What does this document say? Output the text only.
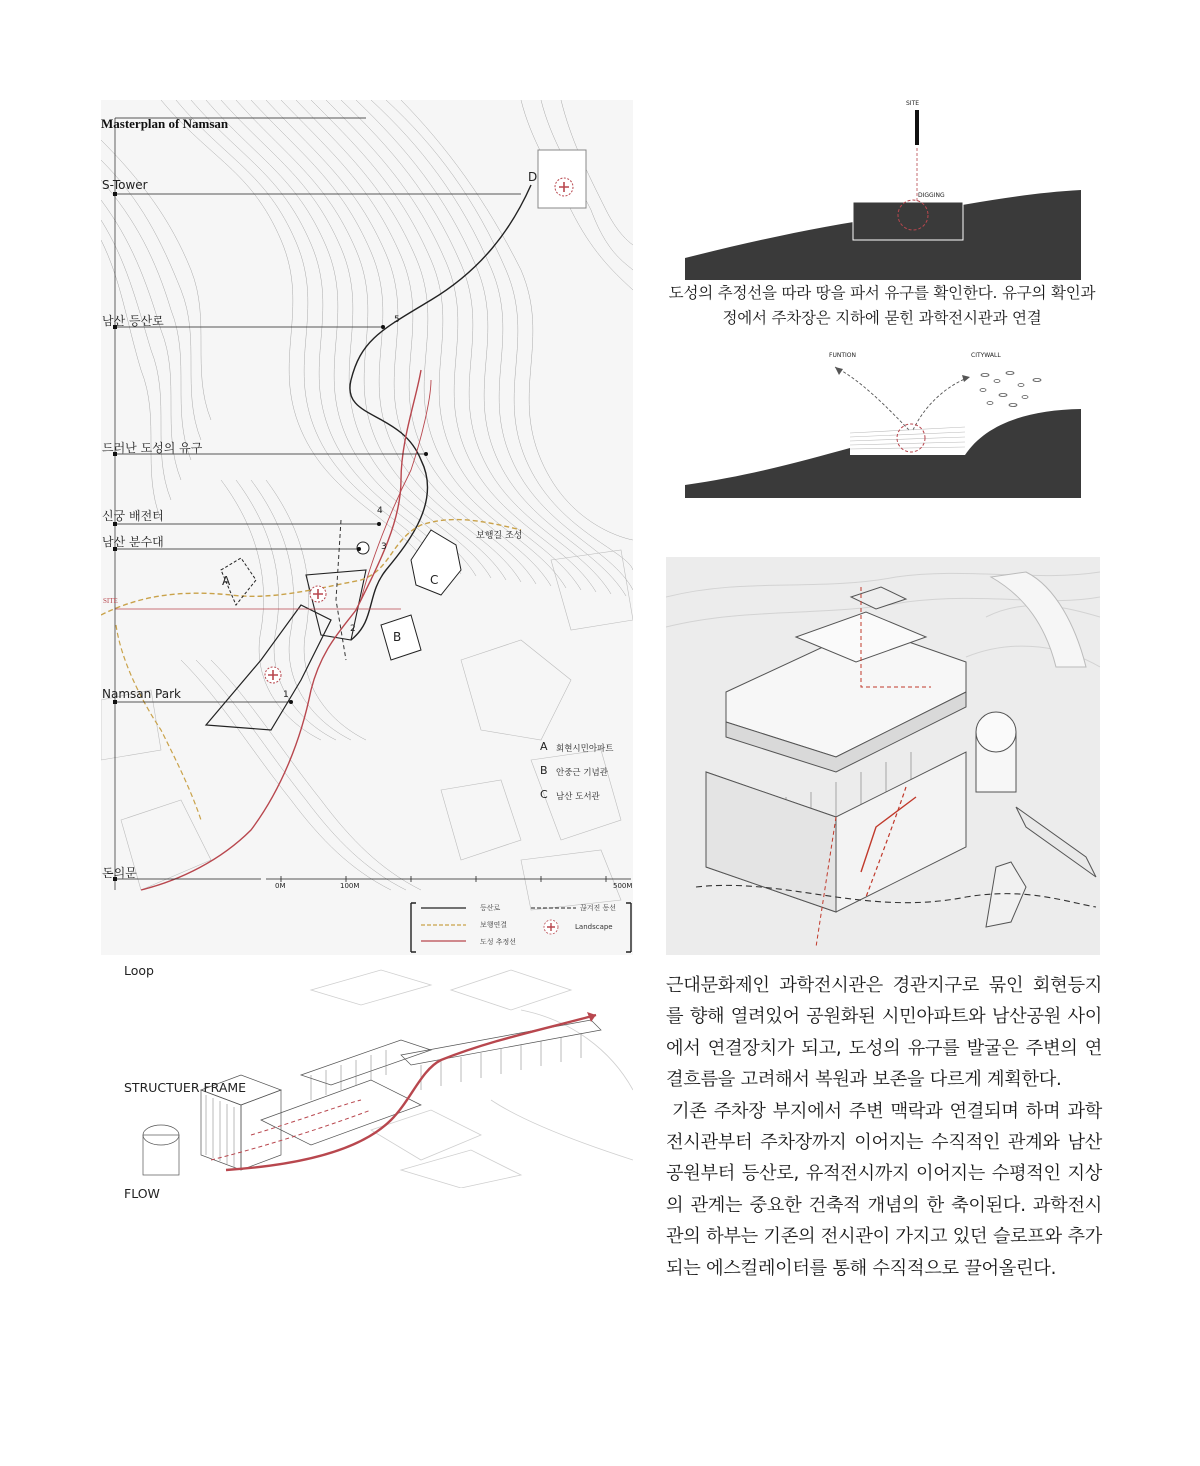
Masterplan of Namsan
S-Tower
남산 등산로
드러난 도성의 유구
신궁 배전터
남산 분수대
SITE
Namsan Park
돈의문
A
B
C
D
1
2
3
4
5
보행길 조성
A 회현시민아파트
B 안중근 기념관
C 남산 도서관
0M	100M	500M
등산로
보행연결
도성 추정선
끊겨진 동선
Landscape
SITE
DIGGING
도성의 추정선을 따라 땅을 파서 유구를 확인한다. 유구의 확인과정에서 주차장은 지하에 묻힌 과학전시관과 연결
FUNTION	CITYWALL
Loop
STRUCTUER FRAME
FLOW

근대문화제인 과학전시관은 경관지구로 묶인 회현등지를 향해 열려있어 공원화된 시민아파트와 남산공원 사이에서 연결장치가 되고, 도성의 유구를 발굴은 주변의 연결흐름을 고려해서 복원과 보존을 다르게 계획한다.

기존 주차장 부지에서 주변 맥락과 연결되며 하며 과학전시관부터 주차장까지 이어지는 수직적인 관계와 남산공원부터 등산로, 유적전시까지 이어지는 수평적인 지상의 관계는 중요한 건축적 개념의 한 축이된다. 과학전시관의 하부는 기존의 전시관이 가지고 있던 슬로프와 추가되는 에스컬레이터를 통해 수직적으로 끌어올린다.
